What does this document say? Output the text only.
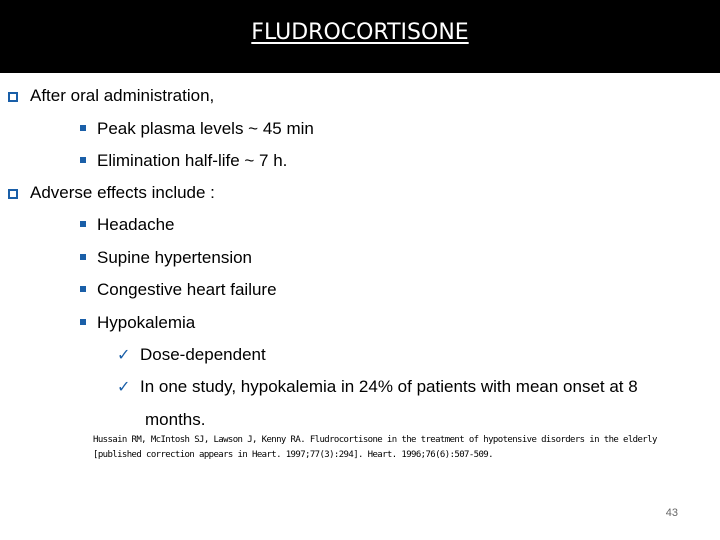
FLUDROCORTISONE
After oral administration,
Peak plasma levels ~ 45 min
Elimination half-life ~ 7 h.
Adverse effects include :
Headache
Supine hypertension
Congestive heart failure
Hypokalemia
✓ Dose-dependent
✓ In one study, hypokalemia in 24% of patients with mean onset at 8
months.
Hussain RM, McIntosh SJ, Lawson J, Kenny RA. Fludrocortisone in the treatment of hypotensive disorders in the elderly
[published correction appears in Heart. 1997;77(3):294]. Heart. 1996;76(6):507-509.
43
